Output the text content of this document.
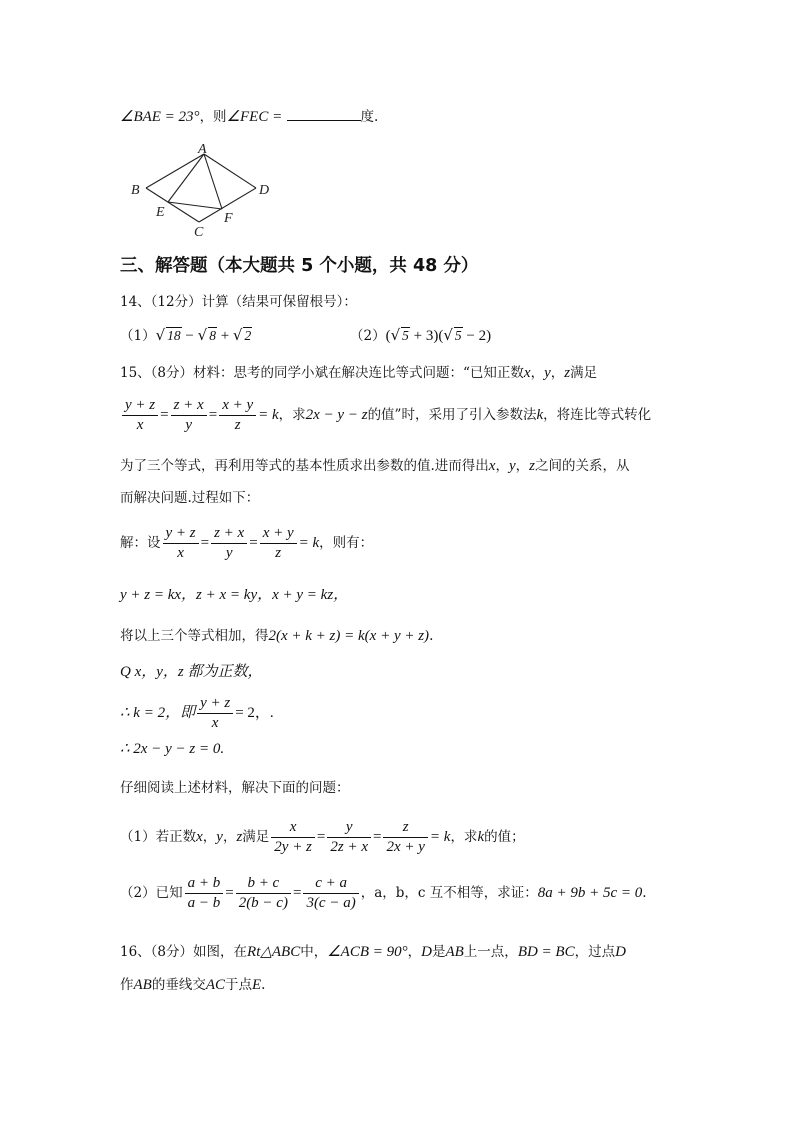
∠BAE = 23°，则∠FEC =	度.
A
B
C
D
E	F
三、解答题（本大题共 5 个小题，共 48 分）
14、（12分）计算（结果可保留根号）：
（1）√ 18 − √ 8 + √ 2	（2）(√ 5 + 3)(√ 5 − 2)
15、（8分）材料：思考的同学小斌在解决连比等式问题：“已知正数x，y，z满足
$\frac{y + z}{x} = \frac{z + x}{y} = \frac{x + y}{z} = k$，求2x − y − z的值”时，采用了引入参数法k，将连比等式转化
为了三个等式，再利用等式的基本性质求出参数的值.进而得出x，y，z之间的关系，从
而解决问题.过程如下：
解：设 $\frac{y + z}{x} = \frac{z + x}{y} = \frac{x + y}{z} = k$，则有：
y + z = kx，z + x = ky，x + y = kz，
将以上三个等式相加，得2(x + k + z) = k(x + y + z).
Q x，y，z 都为正数，
∴ k = 2，即 $\frac{y + z}{x} = 2$，.
∴ 2x − y − z = 0.
仔细阅读上述材料，解决下面的问题：
（1）若正数x，y，z满足 $\frac{x}{2y + z} = \frac{y}{2z + x} = \frac{z}{2x + y} = k$，求k的值；
（2）已知 $\frac{a + b}{a - b} = \frac{b + c}{2(b - c)} = \frac{c + a}{3(c - a)}$ ，a，b，c 互不相等，求证：8a + 9b + 5c = 0.
16、（8分）如图，在Rt△ABC中，∠ACB = 90°，D是AB上一点，BD = BC，过点D
作AB的垂线交AC于点E.
